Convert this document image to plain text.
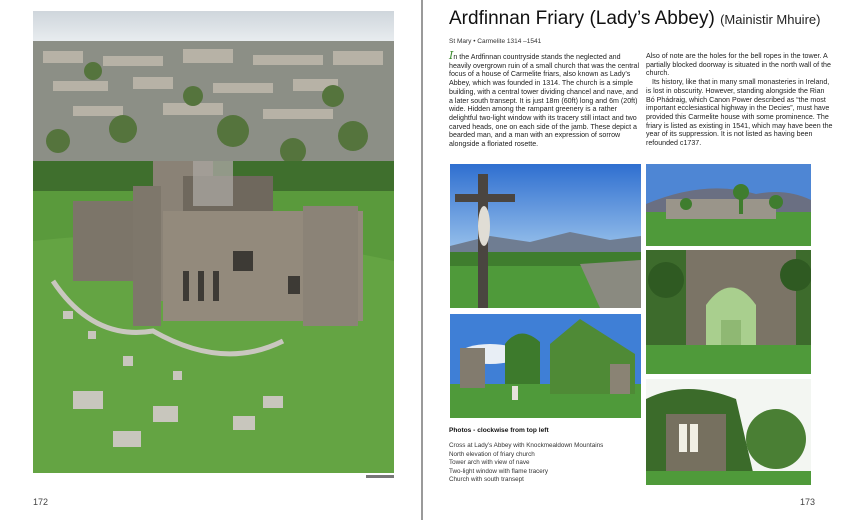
172
Ardfinnan Friary (Lady’s Abbey) (Mainistir Mhuire)
St Mary • Carmelite 1314 –1541

In the Ardfinnan countryside stands the neglected and heavily overgrown ruin of a small church that was the central focus of a house of Carmelite friars, also known as Lady’s Abbey, which was founded in 1314. The church is a simple building, with a central tower dividing chancel and nave, and a later south transept. It is just 18m (60ft) long and 6m (20ft) wide. Hidden among the rampant greenery is a rather delightful two-light window with its tracery still intact and two carved heads, one on each side of the jamb. These depict a bearded man, and a man with an expression of sorrow alongside a floriated rosette.

Also of note are the holes for the bell ropes in the tower. A partially blocked doorway is situated in the north wall of the church.

Its history, like that in many small monasteries in Ireland, is lost in obscurity. However, standing alongside the Rian Bó Phádraig, which Canon Power described as “the most important ecclesiastical highway in the Decies”, must have provided this Carmelite house with some prominence. The friary is listed as existing in 1541, which may have been the year of its suppression. It is not listed as having been refounded c1737.

Photos - clockwise from top left
Cross at Lady’s Abbey with Knockmealdown Mountains
North elevation of friary church
Tower arch with view of nave
Two-light window with flame tracery
Church with south transept
173
